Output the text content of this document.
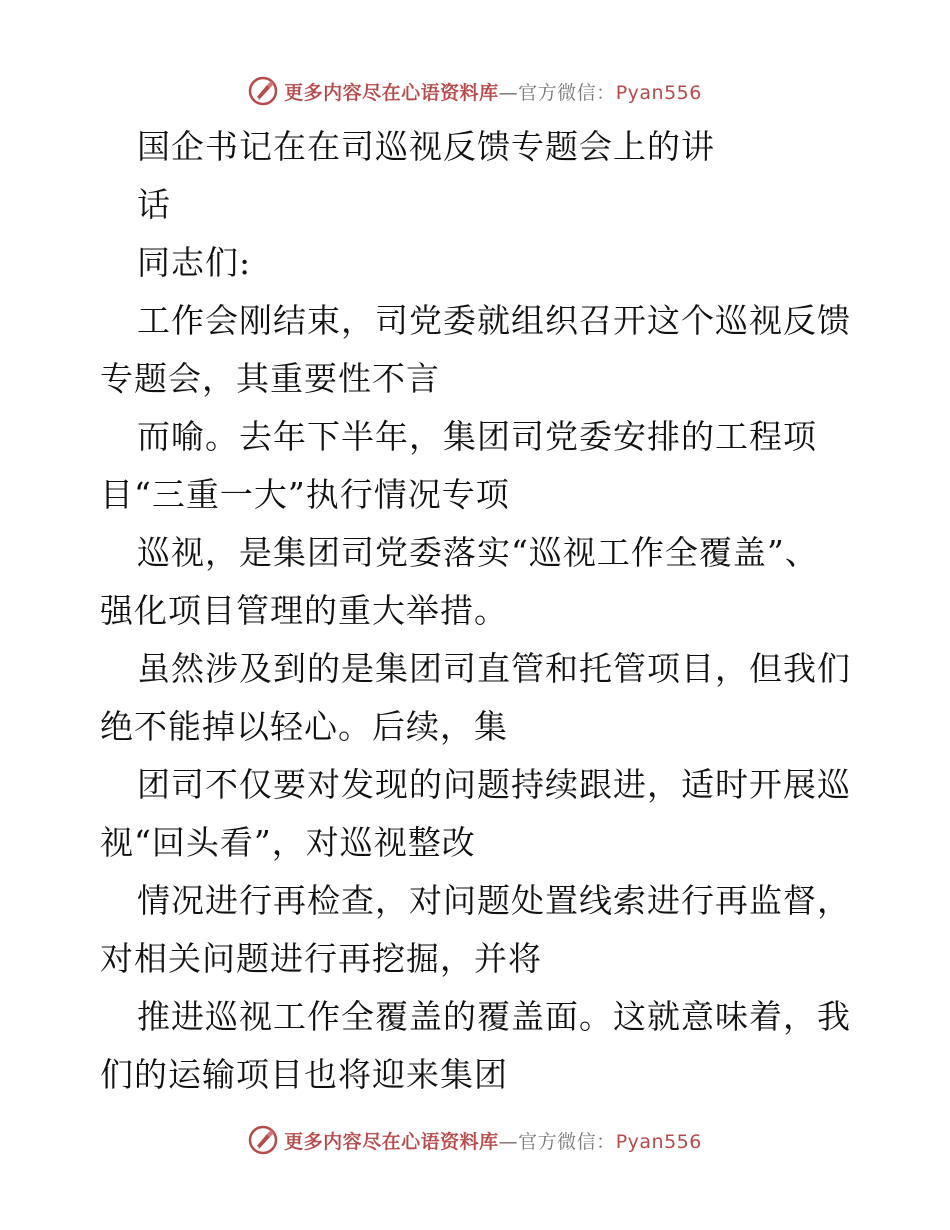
更多内容尽在心语资料库—官方微信：Pyan556
国企书记在在司巡视反馈专题会上的讲
话
同志们:
工作会刚结束，司党委就组织召开这个巡视反馈
专题会，其重要性不言
而喻。去年下半年，集团司党委安排的工程项
目“三重一大”执行情况专项
巡视，是集团司党委落实“巡视工作全覆盖”、
强化项目管理的重大举措。
虽然涉及到的是集团司直管和托管项目，但我们
绝不能掉以轻心。后续，集
团司不仅要对发现的问题持续跟进，适时开展巡
视“回头看”，对巡视整改
情况进行再检查，对问题处置线索进行再监督，
对相关问题进行再挖掘，并将
推进巡视工作全覆盖的覆盖面。这就意味着，我
们的运输项目也将迎来集团
更多内容尽在心语资料库—官方微信：Pyan556
